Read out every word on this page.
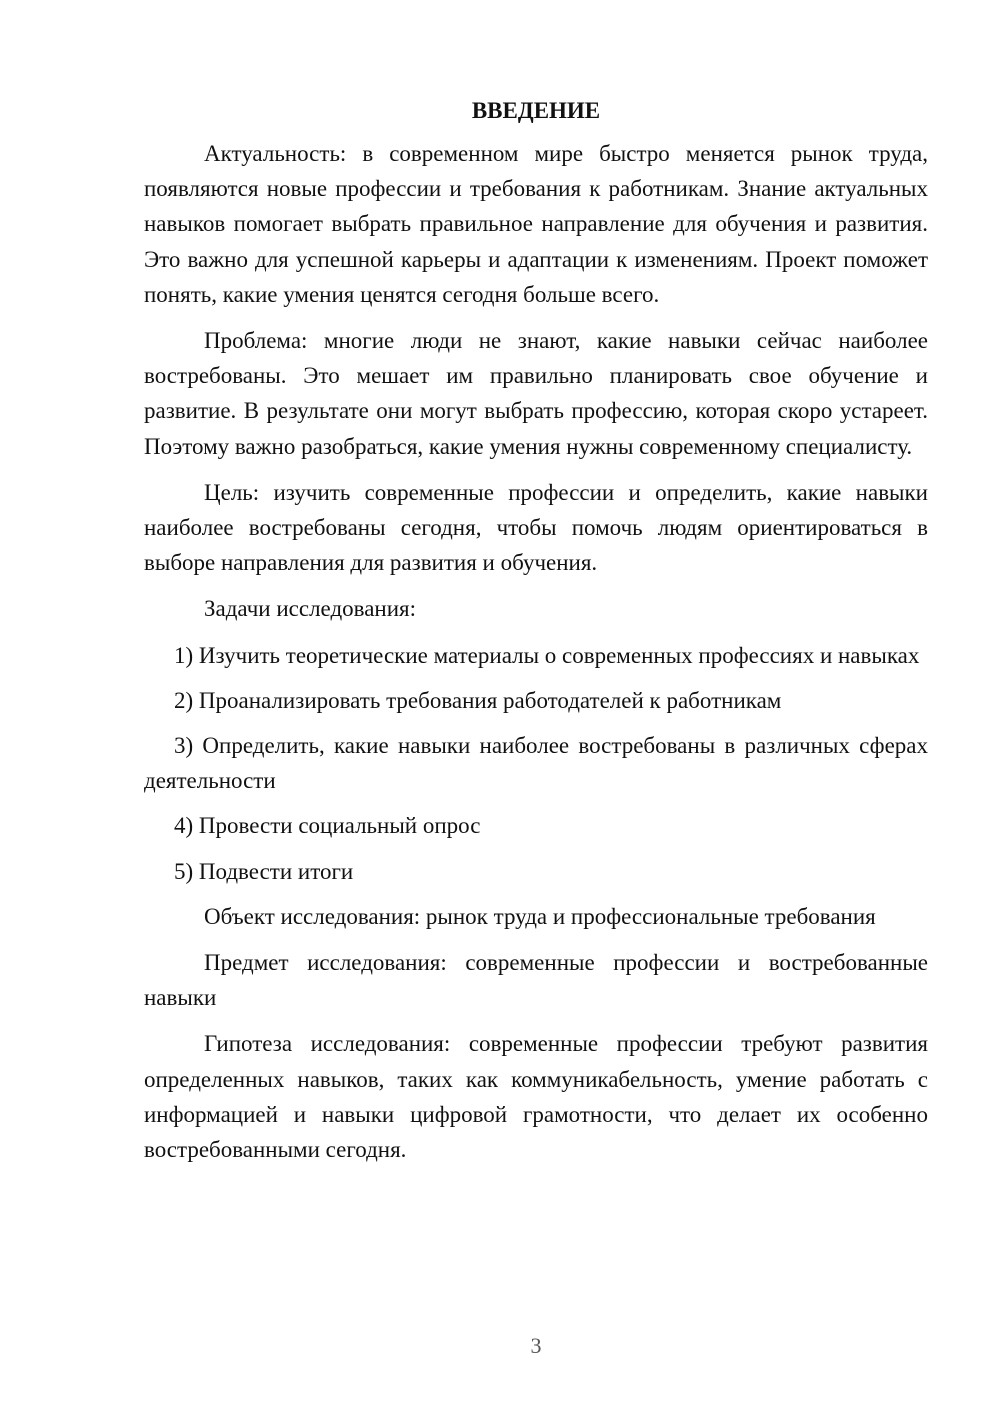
ВВЕДЕНИЕ

Актуальность: в современном мире быстро меняется рынок труда, появляются новые профессии и требования к работникам. Знание актуальных навыков помогает выбрать правильное направление для обучения и развития. Это важно для успешной карьеры и адаптации к изменениям. Проект поможет понять, какие умения ценятся сегодня больше всего.

Проблема: многие люди не знают, какие навыки сейчас наиболее востребованы. Это мешает им правильно планировать свое обучение и развитие. В результате они могут выбрать профессию, которая скоро устареет. Поэтому важно разобраться, какие умения нужны современному специалисту.

Цель: изучить современные профессии и определить, какие навыки наиболее востребованы сегодня, чтобы помочь людям ориентироваться в выборе направления для развития и обучения.

Задачи исследования:

1) Изучить теоретические материалы о современных профессиях и навыках

2) Проанализировать требования работодателей к работникам

3) Определить, какие навыки наиболее востребованы в различных сферах деятельности

4) Провести социальный опрос

5) Подвести итоги

Объект исследования: рынок труда и профессиональные требования

Предмет исследования: современные профессии и востребованные навыки

Гипотеза исследования: современные профессии требуют развития определенных навыков, таких как коммуникабельность, умение работать с информацией и навыки цифровой грамотности, что делает их особенно востребованными сегодня.

3
